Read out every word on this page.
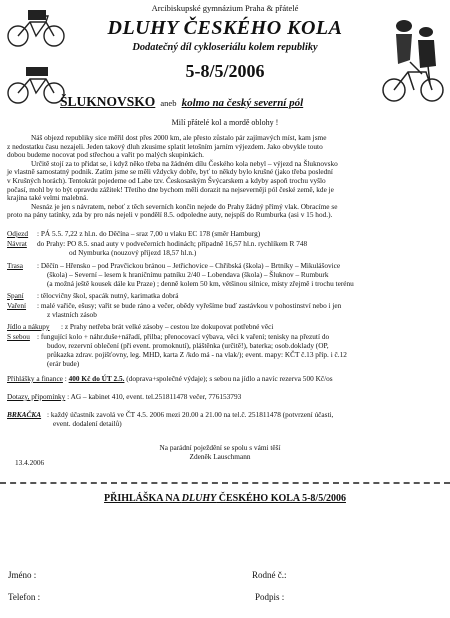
Arcibiskupské gymnázium Praha & přátelé
DLUHY ČESKÉHO KOLA
Dodatečný díl cykloseriálu kolem republiky
5-8/5/2006
ŠLUKNOVSKO aneb kolmo na český severní pól
Milí přátelé kol a mordě oblohy !
Náš objezd republiky sice měřil dost přes 2000 km, ale přesto zůstalo pár zajímavých míst, kam jsme
z nedostatku času nezajeli. Jeden takový dluh zkusime splatit letošním jarním výjezdem. Jako obvykle touto
dobou budeme nocovat pod střechou a vařit po malých skupinkách.
Určitě stojí za to přidat se, i když něko třeba na žádném dílu Českého kola nebyl – výjezd na Šluknovsko
je vlastně samostatný podnik. Zatím jsme se měli vždycky dobře, byť to někdy bylo krušné (jako třeba poslední
v Krušných horách). Tentokrát pojedeme od Labe tzv. Českosaským Švýcarskem a kdyby aspoň trochu vyšlo
počasí, mohl by to být opravdu zážitek! Třetího dne bychom měli dorazit na nejseverněji pól české země, kde je
krajina také velmi malebná.
Nesnáz je jen s návratem, neboť z těch severních končin nejede do Prahy žádný přímý vlak. Obracíme se
proto na pány tatínky, zda by pro nás nejeli v pondělí 8.5. odpoledne auty, nejspíš do Rumburka (asi v 15 hod.).
Odjezd : PÁ 5.5. 7,22 z hl.n. do Děčína – sraz 7,00 u vlaku EC 178 (směr Hamburg)
Návrat do Prahy: PO 8.5. snad auty v podvečerních hodinách; případně 16,57 hl.n. rychlíkem R 748
od Nymburka (nouzový příjezd 18,57 hl.n.)
Trasa : Děčín – Hřensko – pod Pravčickou bránou – Jetřichovice – Chřibská (škola) – Brtníky – Mikulášovice
(škola) – Severní – lesem k hraničnímu patníku 2/40 – Lobendava (škola) – Šluknov – Rumburk
(a možná ještě kousek dále ku Praze) ; denně kolem 50 km, většinou silnice, místy zřejmě i trochu terénu
Spaní : tělocvičny škol, spacák nutný, karimatka dobrá
Vaření : malé vařiče, ešusy; vařit se bude ráno a večer, obědy vyřešíme buď zastávkou v pohostinství nebo i jen
z vlastních zásob
Jídlo a nákupy : z Prahy netřeba brát velké zásoby – cestou lze dokupovat potřebné věci
S sebou : fungující kolo + náhr.duše+nářadí, přilba; přenocovací výbava, věci k vaření; tenisky na přezutí do
budov, rezervní oblečení (při event. promoknutí), pláštěnka (určitě!), baterka; osob.doklady (OP,
průkazka zdrav. pojišťovny, leg. MHD, karta Z /kdo má - na vlak/); event. mapy: KČT č.13 příp. i č.12
(erár bude)
Přihlášky a finance : 400 Kč do ÚT 2.5. (doprava+společné výdaje); s sebou na jídlo a navíc rezerva 500 Kč/os
Dotazy, připomínky : AG – kabinet 410, event. tel.251811478 večer, 776153793
BRKAČKA : každý účastník zavolá ve ČT 4.5. 2006 mezi 20.00 a 21.00 na tel.č. 251811478 (potvrzení účasti,
event. dodalení detailů)
Na parádní poježdění se spolu s vámi těší
Zdeněk Lauschmann
13.4.2006
PŘIHLÁŠKA NA DLUHY ČESKÉHO KOLA 5-8/5/2006
Jméno :	Rodné č.:
Telefon :	Podpis :
